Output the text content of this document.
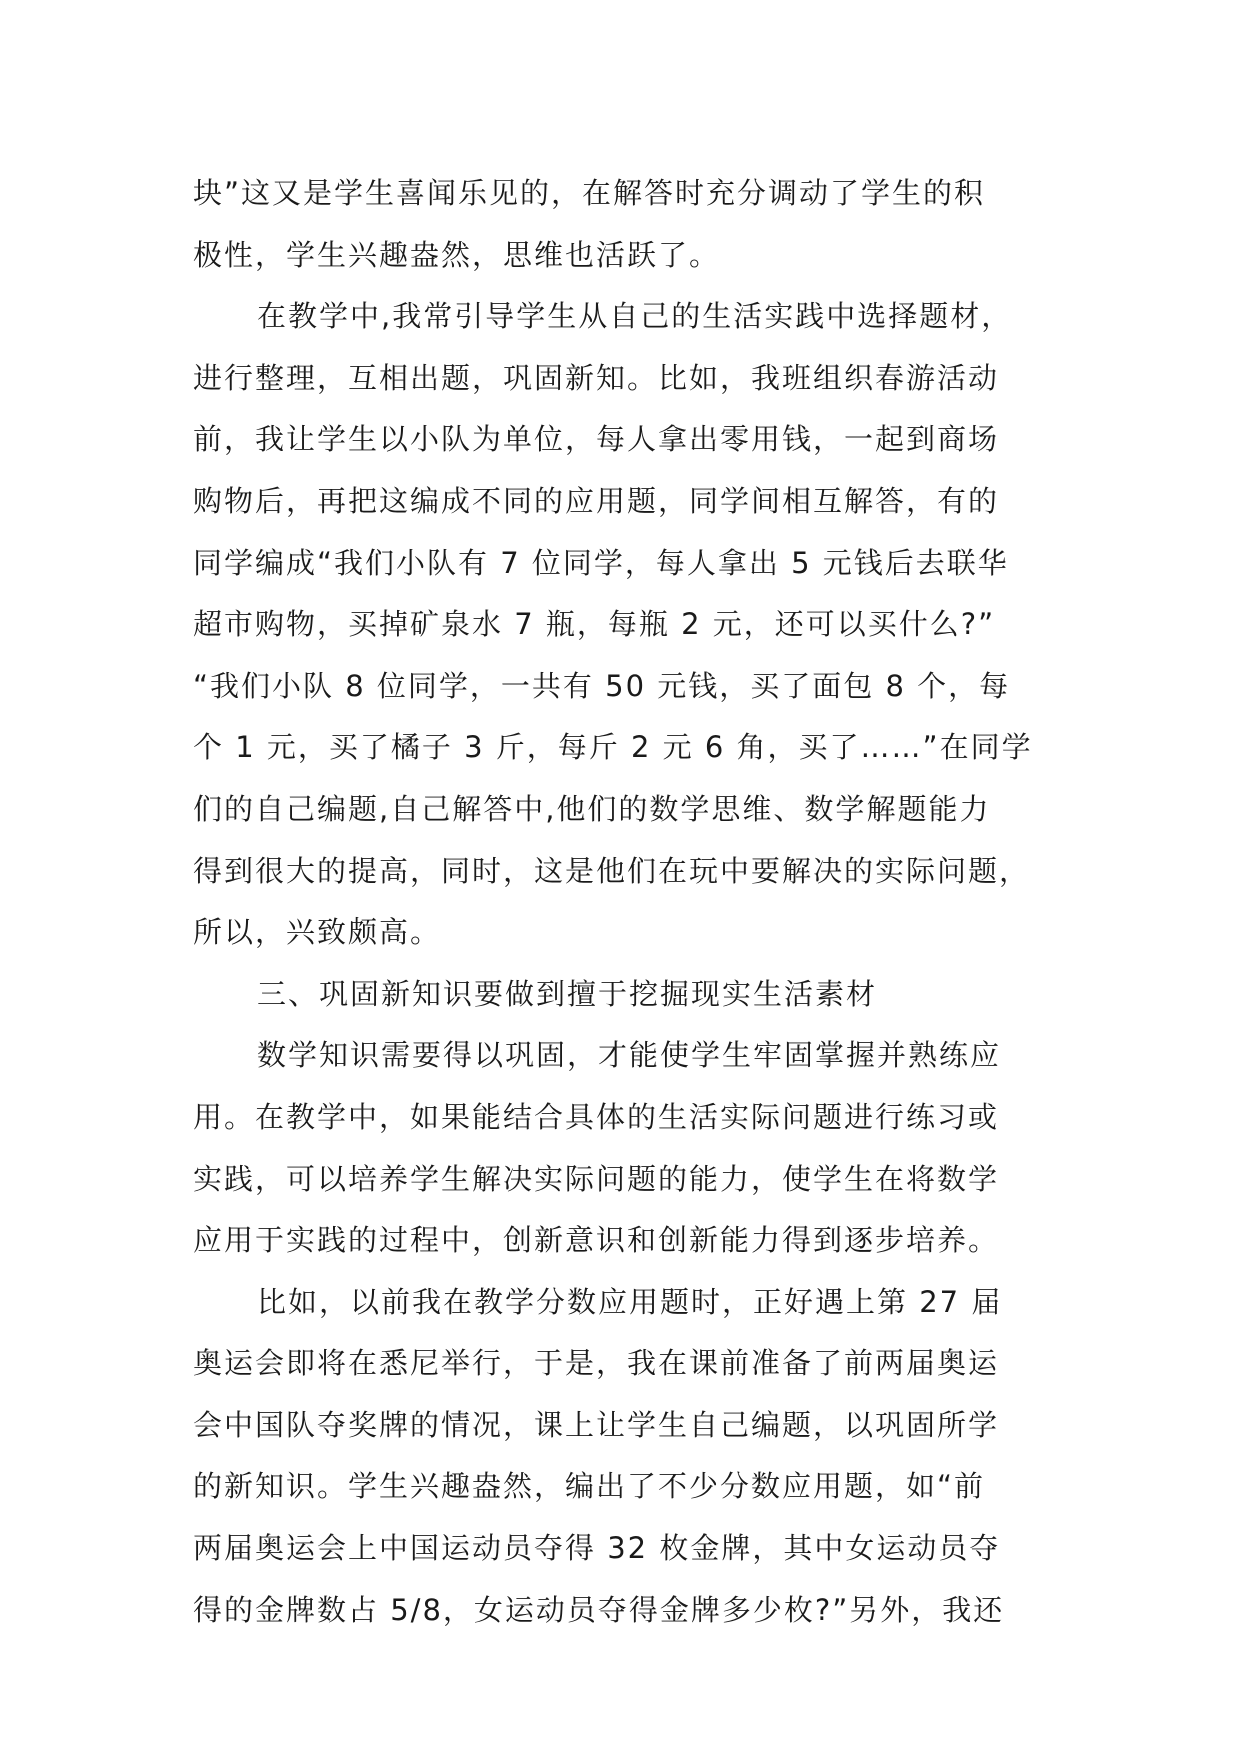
块”这又是学生喜闻乐见的，在解答时充分调动了学生的积
极性，学生兴趣盎然，思维也活跃了。
在教学中,我常引导学生从自己的生活实践中选择题材，
进行整理，互相出题，巩固新知。比如，我班组织春游活动
前，我让学生以小队为单位，每人拿出零用钱，一起到商场
购物后，再把这编成不同的应用题，同学间相互解答，有的
同学编成“我们小队有 7 位同学，每人拿出 5 元钱后去联华
超市购物，买掉矿泉水 7 瓶，每瓶 2 元，还可以买什么?”
“我们小队 8 位同学，一共有 50 元钱，买了面包 8 个，每
个 1 元，买了橘子 3 斤，每斤 2 元 6 角，买了……”在同学
们的自己编题,自己解答中,他们的数学思维、数学解题能力
得到很大的提高，同时，这是他们在玩中要解决的实际问题，
所以，兴致颇高。
三、巩固新知识要做到擅于挖掘现实生活素材
数学知识需要得以巩固，才能使学生牢固掌握并熟练应
用。在教学中，如果能结合具体的生活实际问题进行练习或
实践，可以培养学生解决实际问题的能力，使学生在将数学
应用于实践的过程中，创新意识和创新能力得到逐步培养。
比如，以前我在教学分数应用题时，正好遇上第 27 届
奥运会即将在悉尼举行，于是，我在课前准备了前两届奥运
会中国队夺奖牌的情况，课上让学生自己编题，以巩固所学
的新知识。学生兴趣盎然，编出了不少分数应用题，如“前
两届奥运会上中国运动员夺得 32 枚金牌，其中女运动员夺
得的金牌数占 5/8，女运动员夺得金牌多少枚?”另外，我还
